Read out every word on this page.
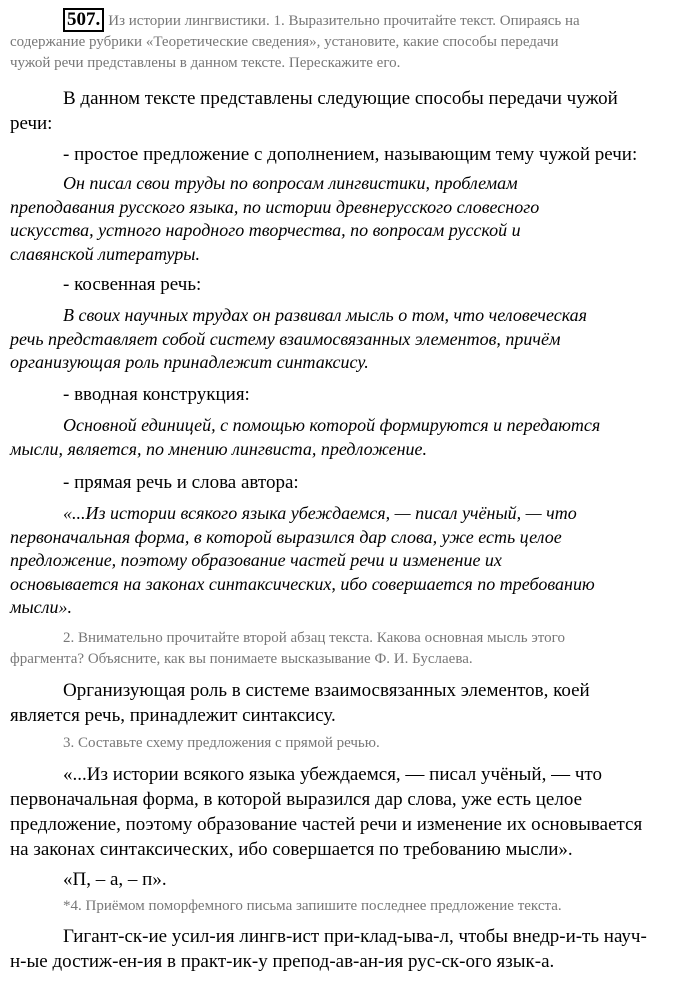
507. Из истории лингвистики. 1. Выразительно прочитайте текст. Опираясь на
содержание рубрики «Теоретические сведения», установите, какие способы передачи
чужой речи представлены в данном тексте. Перескажите его.
В данном тексте представлены следующие способы передачи чужой
речи:
- простое предложение с дополнением, называющим тему чужой речи:
Он писал свои труды по вопросам лингвистики, проблемам
преподавания русского языка, по истории древнерусского словесного
искусства, устного народного творчества, по вопросам русской и
славянской литературы.
- косвенная речь:
В своих научных трудах он развивал мысль о том, что человеческая
речь представляет собой систему взаимосвязанных элементов, причём
организующая роль принадлежит синтаксису.
- вводная конструкция:
Основной единицей, с помощью которой формируются и передаются
мысли, является, по мнению лингвиста, предложение.
- прямая речь и слова автора:
«...Из истории всякого языка убеждаемся, — писал учёный, — что
первоначальная форма, в которой выразился дар слова, уже есть целое
предложение, поэтому образование частей речи и изменение их
основывается на законах синтаксических, ибо совершается по требованию
мысли».
2. Внимательно прочитайте второй абзац текста. Какова основная мысль этого
фрагмента? Объясните, как вы понимаете высказывание Ф. И. Буслаева.
Организующая роль в системе взаимосвязанных элементов, коей
является речь, принадлежит синтаксису.
3. Составьте схему предложения с прямой речью.
«...Из истории всякого языка убеждаемся, — писал учёный, — что
первоначальная форма, в которой выразился дар слова, уже есть целое
предложение, поэтому образование частей речи и изменение их основывается
на законах синтаксических, ибо совершается по требованию мысли».
«П, – а, – п».
*4. Приёмом поморфемного письма запишите последнее предложение текста.
Гигант-ск-ие усил-ия лингв-ист при-клад-ыва-л, чтобы внедр-и-ть науч-
н-ые достиж-ен-ия в практ-ик-у препод-ав-ан-ия рус-ск-ого язык-а.
